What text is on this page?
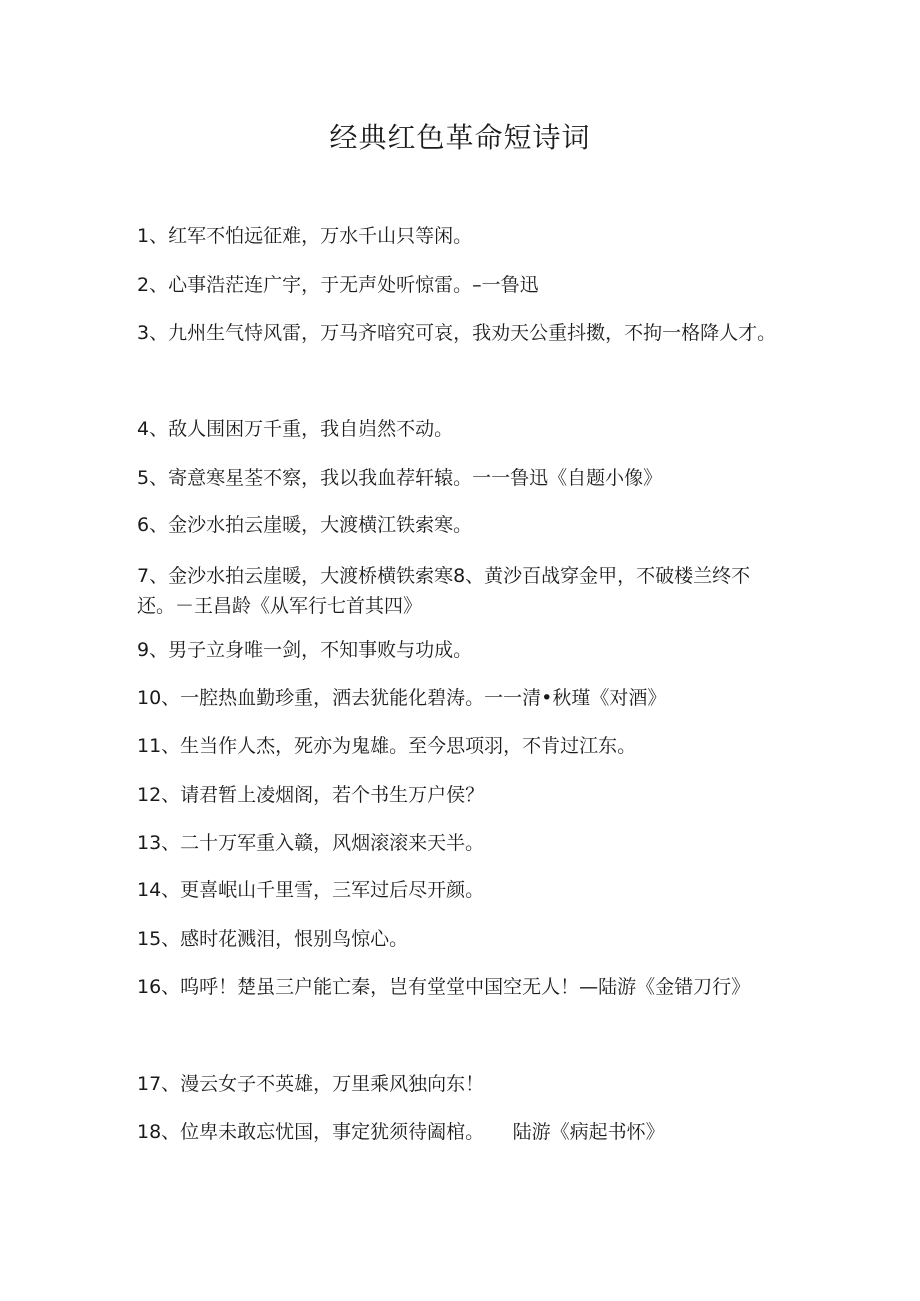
经典红色革命短诗词

1、红军不怕远征难，万水千山只等闲。

2、心事浩茫连广宇，于无声处听惊雷。–一鲁迅

3、九州生气恃风雷，万马齐喑究可哀，我劝天公重抖擞，不拘一格降人才。

4、敌人围困万千重，我自岿然不动。

5、寄意寒星荃不察，我以我血荐轩辕。一一鲁迅《自题小像》

6、金沙水拍云崖暖，大渡横江铁索寒。

7、金沙水拍云崖暖，大渡桥横铁索寒8、黄沙百战穿金甲，不破楼兰终不还。－王昌龄《从军行七首其四》

9、男子立身唯一剑，不知事败与功成。

10、一腔热血勤珍重，洒去犹能化碧涛。一一清•秋瑾《对酒》

11、生当作人杰，死亦为鬼雄。至今思项羽，不肯过江东。

12、请君暂上凌烟阁，若个书生万户侯？

13、二十万军重入赣，风烟滚滚来天半。

14、更喜岷山千里雪，三军过后尽开颜。

15、感时花溅泪，恨别鸟惊心。

16、呜呼！楚虽三户能亡秦，岂有堂堂中国空无人！—陆游《金错刀行》

17、漫云女子不英雄，万里乘风独向东！

18、位卑未敢忘忧国，事定犹须待阖棺。　　陆游《病起书怀》
